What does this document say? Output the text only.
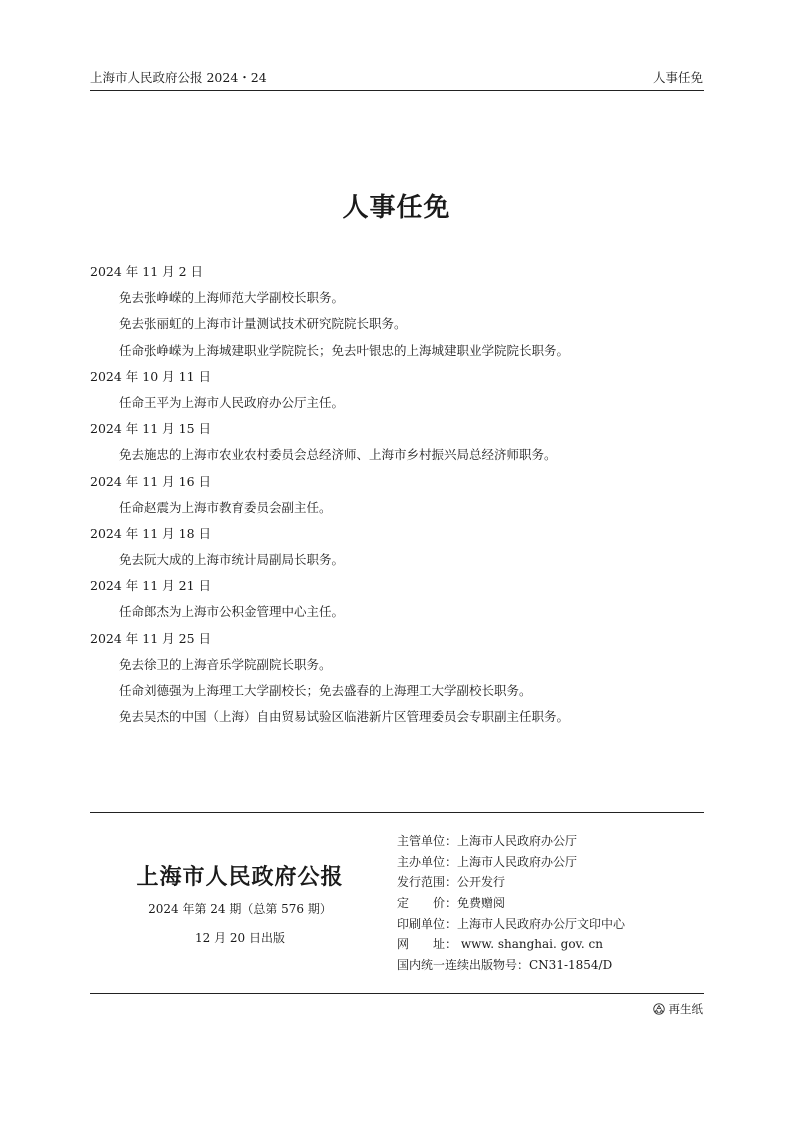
上海市人民政府公报 2024・24	人事任免
人事任免
2024 年 11 月 2 日
免去张峥嵘的上海师范大学副校长职务。
免去张丽虹的上海市计量测试技术研究院院长职务。
任命张峥嵘为上海城建职业学院院长；免去叶银忠的上海城建职业学院院长职务。
2024 年 10 月 11 日
任命王平为上海市人民政府办公厅主任。
2024 年 11 月 15 日
免去施忠的上海市农业农村委员会总经济师、上海市乡村振兴局总经济师职务。
2024 年 11 月 16 日
任命赵震为上海市教育委员会副主任。
2024 年 11 月 18 日
免去阮大成的上海市统计局副局长职务。
2024 年 11 月 21 日
任命郎杰为上海市公积金管理中心主任。
2024 年 11 月 25 日
免去徐卫的上海音乐学院副院长职务。
任命刘德强为上海理工大学副校长；免去盛春的上海理工大学副校长职务。
免去吴杰的中国（上海）自由贸易试验区临港新片区管理委员会专职副主任职务。
上海市人民政府公报
2024 年第 24 期（总第 576 期）
12 月 20 日出版
主管单位：上海市人民政府办公厅
主办单位：上海市人民政府办公厅
发行范围：公开发行
定　　价：免费赠阅
印刷单位：上海市人民政府办公厅文印中心
网　　址： www. shanghai. gov. cn
国内统一连续出版物号：CN31-1854/D
再生纸
